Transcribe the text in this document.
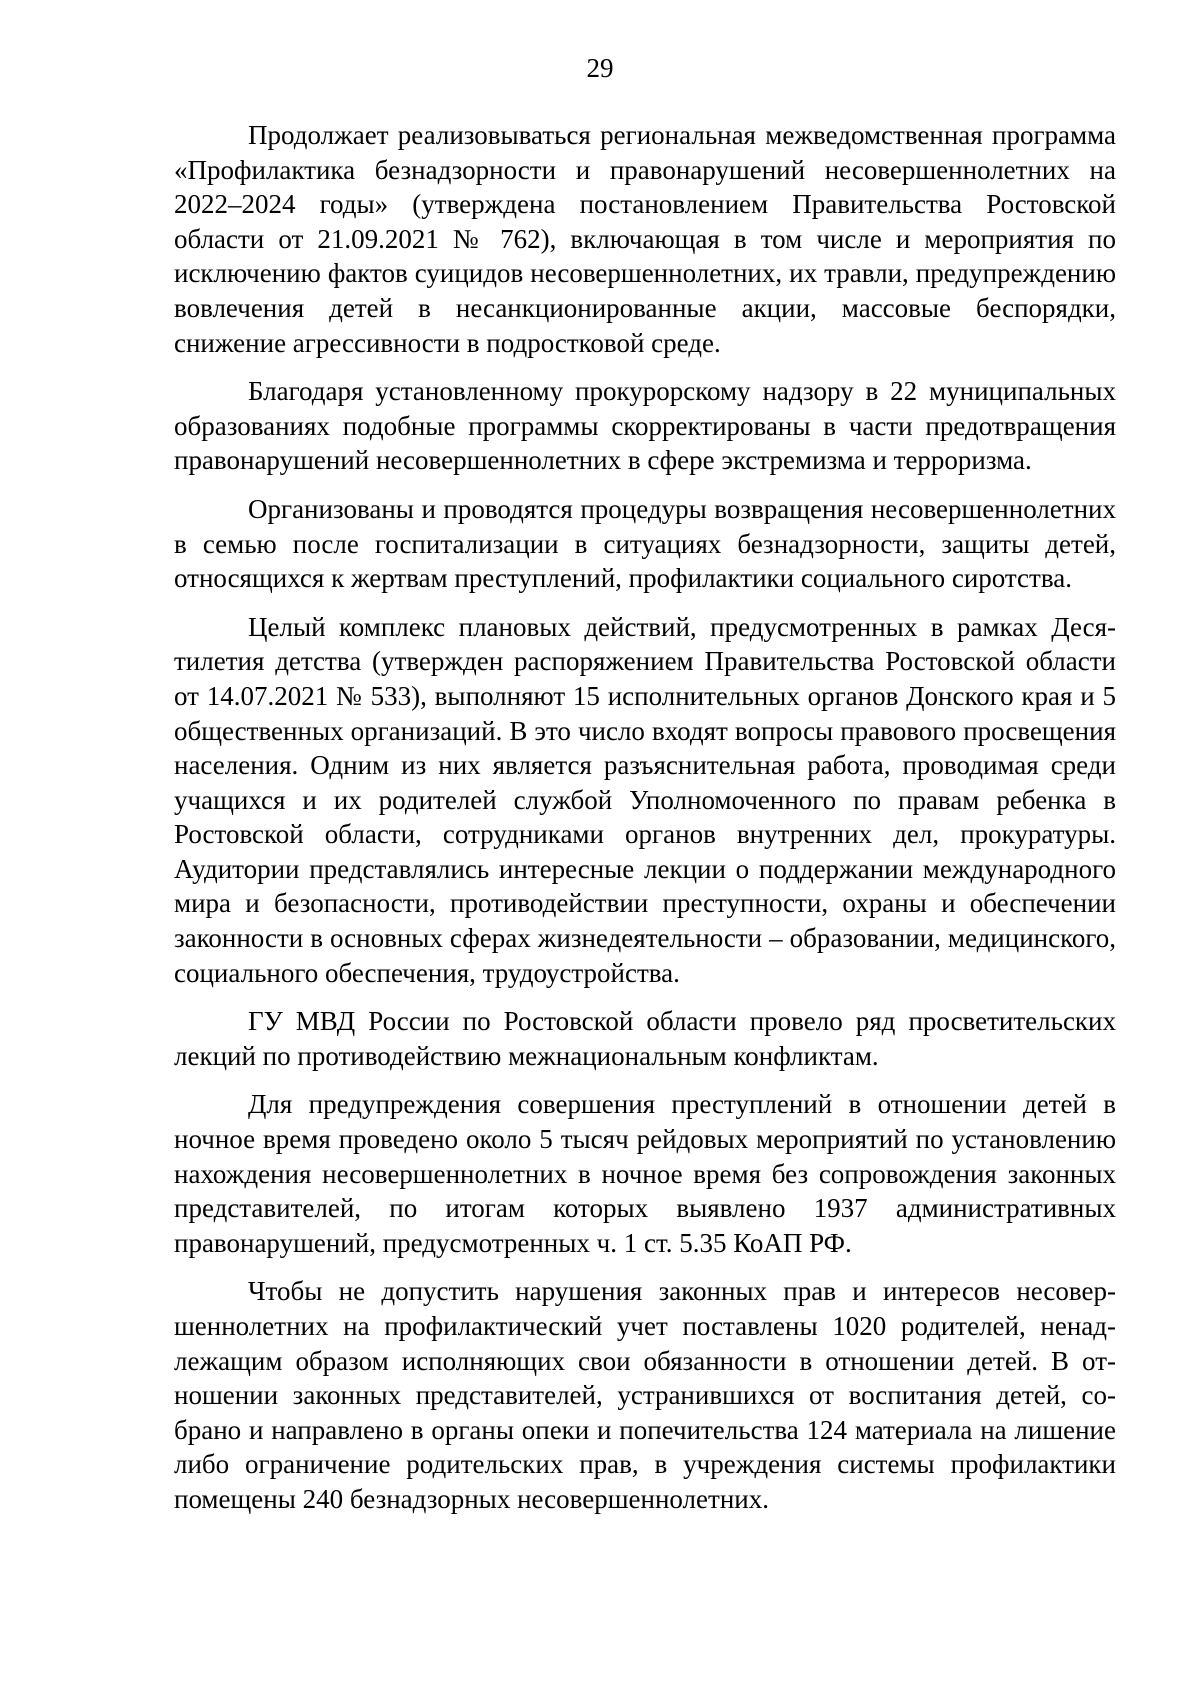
29

Продолжает реализовываться региональная межведомственная программа «Профилактика безнадзорности и правонарушений несовершеннолетних на 2022–2024 годы» (утверждена постановлением Правительства Ростовской области от 21.09.2021 № 762), включающая в том числе и мероприятия по исключению фактов суицидов несовершеннолетних, их травли, предупреждению вовлечения детей в несанкционированные акции, массовые беспорядки, снижение агрессивности в подростковой среде.

Благодаря установленному прокурорскому надзору в 22 муниципальных образованиях подобные программы скорректированы в части предотвращения правонарушений несовершеннолетних в сфере экстремизма и терроризма.

Организованы и проводятся процедуры возвращения несовершеннолетних в семью после госпитализации в ситуациях безнадзорности, защиты детей, относящихся к жертвам преступлений, профилактики социального сиротства.

Целый комплекс плановых действий, предусмотренных в рамках Десятилетия детства (утвержден распоряжением Правительства Ростовской области от 14.07.2021 № 533), выполняют 15 исполнительных органов Донского края и 5 общественных организаций. В это число входят вопросы правового просвещения населения. Одним из них является разъяснительная работа, проводимая среди учащихся и их родителей службой Уполномоченного по правам ребенка в Ростовской области, сотрудниками органов внутренних дел, прокуратуры. Аудитории представлялись интересные лекции о поддержании международного мира и безопасности, противодействии преступности, охраны и обеспечении законности в основных сферах жизнедеятельности – образовании, медицинского, социального обеспечения, трудоустройства.

ГУ МВД России по Ростовской области провело ряд просветительских лекций по противодействию межнациональным конфликтам.

Для предупреждения совершения преступлений в отношении детей в ночное время проведено около 5 тысяч рейдовых мероприятий по установлению нахождения несовершеннолетних в ночное время без сопровождения законных представителей, по итогам которых выявлено 1937 административных правонарушений, предусмотренных ч. 1 ст. 5.35 КоАП РФ.

Чтобы не допустить нарушения законных прав и интересов несовершеннолетних на профилактический учет поставлены 1020 родителей, ненадлежащим образом исполняющих свои обязанности в отношении детей. В отношении законных представителей, устранившихся от воспитания детей, собрано и направлено в органы опеки и попечительства 124 материала на лишение либо ограничение родительских прав, в учреждения системы профилактики помещены 240 безнадзорных несовершеннолетних.
